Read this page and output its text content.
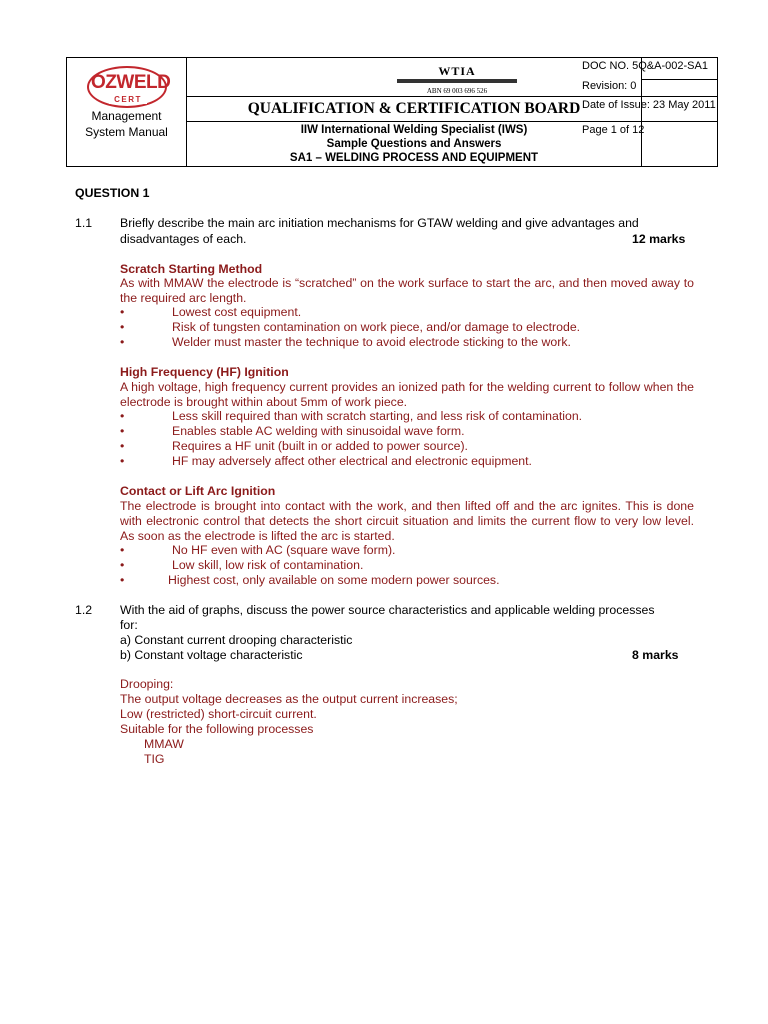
OZWELD
CERT
Management
System Manual
WTIA
ABN 69 003 696 526
QUALIFICATION & CERTIFICATION BOARD
IIW International Welding Specialist (IWS)
Sample Questions and Answers
SA1 – WELDING PROCESS AND EQUIPMENT
DOC NO. 5Q&A-002-SA1
Revision: 0
Date of Issue: 23 May 2011
Page 1 of 12
QUESTION 1
1.1 Briefly describe the main arc initiation mechanisms for GTAW welding and give advantages and
disadvantages of each.	12 marks
Scratch Starting Method
As with MMAW the electrode is “scratched” on the work surface to start the arc, and then moved away to the required arc length.
•	Lowest cost equipment.
•	Risk of tungsten contamination on work piece, and/or damage to electrode.
•	Welder must master the technique to avoid electrode sticking to the work.
High Frequency (HF) Ignition
A high voltage, high frequency current provides an ionized path for the welding current to follow when the electrode is brought within about 5mm of work piece.
•	Less skill required than with scratch starting, and less risk of contamination.
•	Enables stable AC welding with sinusoidal wave form.
•	Requires a HF unit (built in or added to power source).
•	HF may adversely affect other electrical and electronic equipment.
Contact or Lift Arc Ignition
The electrode is brought into contact with the work, and then lifted off and the arc ignites. This is done with electronic control that detects the short circuit situation and limits the current flow to very low level. As soon as the electrode is lifted the arc is started.
•	No HF even with AC (square wave form).
•	Low skill, low risk of contamination.
•	Highest cost, only available on some modern power sources.
1.2 With the aid of graphs, discuss the power source characteristics and applicable welding processes
for:
a) Constant current drooping characteristic
b) Constant voltage characteristic	8 marks
Drooping:
The output voltage decreases as the output current increases;
Low (restricted) short-circuit current.
Suitable for the following processes
MMAW
TIG
